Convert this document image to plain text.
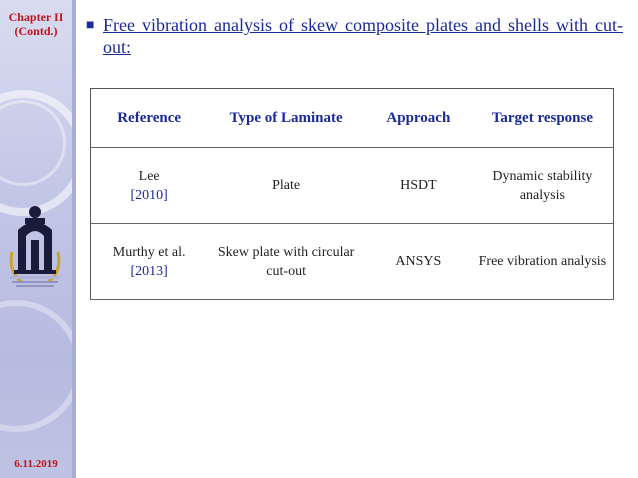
Chapter II
(Contd.)
6.11.2019
■ Free vibration analysis of skew composite plates and shells with cut-out:
Reference	Type of Laminate	Approach	Target response

Lee
[2010]	Plate	HSDT	Dynamic stability analysis

Murthy et al.
[2013]	Skew plate with circular cut-out	ANSYS	Free vibration analysis
